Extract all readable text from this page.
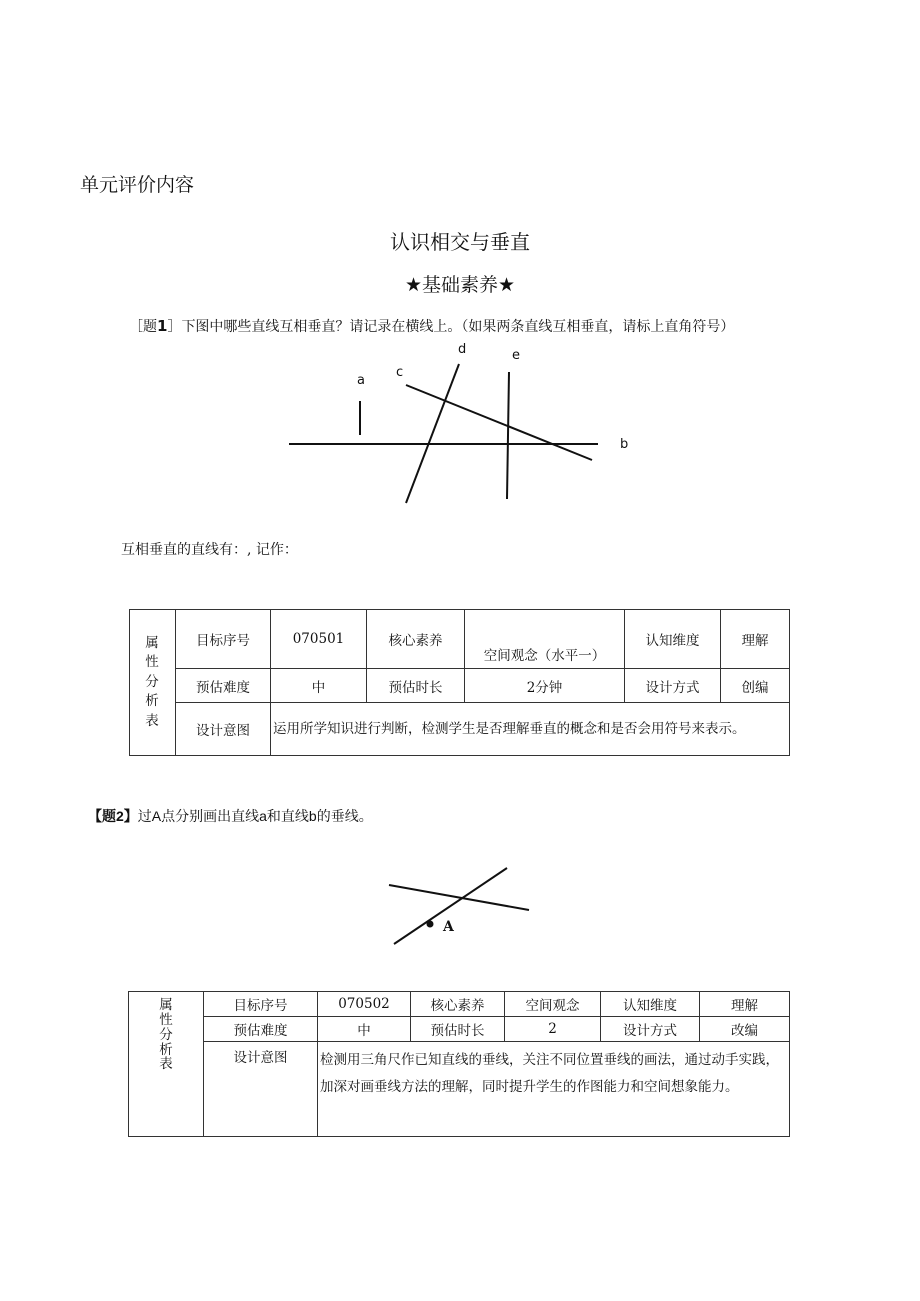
单元评价内容
认识相交与垂直
★基础素养★
［题1］下图中哪些直线互相垂直？请记录在横线上。（如果两条直线互相垂直，请标上直角符号）
a
b
c
d	e
互相垂直的直线有：, 记作：
属
性
分
析
表	目标序号	070501	核心素养	空间观念（水平一）	认知维度	理解
	预估难度	中	预估时长	2分钟	设计方式	创编
	设计意图	运用所学知识进行判断，检测学生是否理解垂直的概念和是否会用符号来表示。				
【题2】过A点分别画出直线a和直线b的垂线。
A
属
性
分
析
表	目标序号	070502	核心素养	空间观念	认知维度	理解
	预估难度	中	预估时长	2	设计方式	改编
	设计意图	检测用三角尺作已知直线的垂线，关注不同位置垂线的画法，通过动手实践，加深对画垂线方法的理解，同时提升学生的作图能力和空间想象能力。				
